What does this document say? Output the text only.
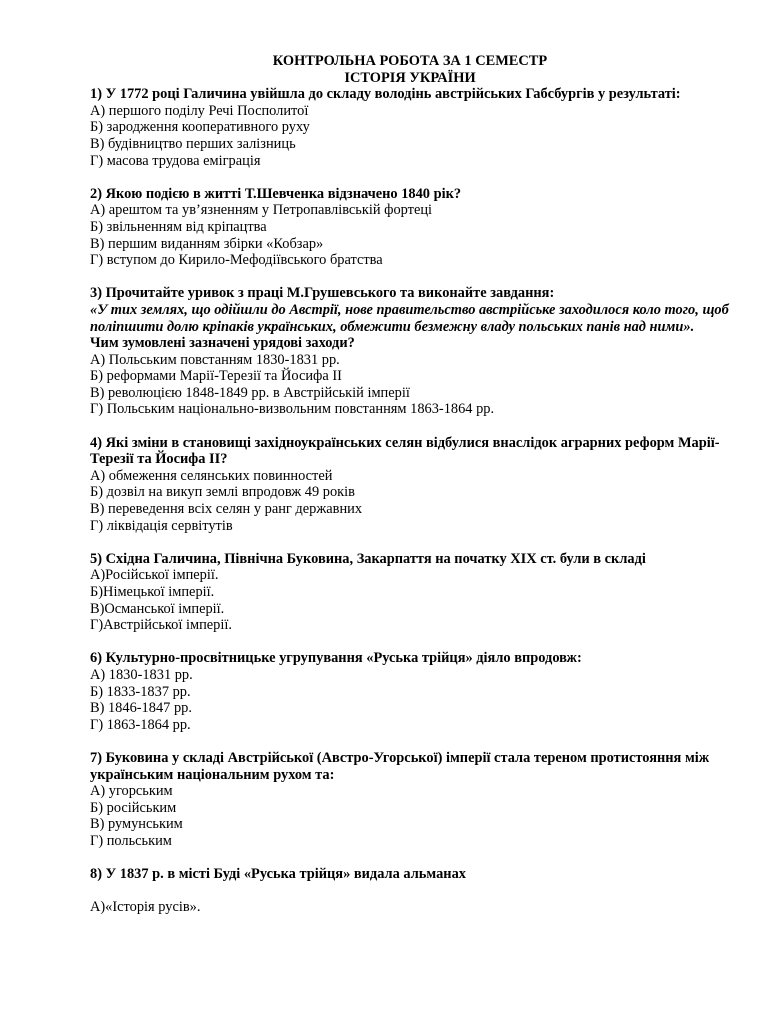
КОНТРОЛЬНА РОБОТА ЗА 1 СЕМЕСТР
ІСТОРІЯ УКРАЇНИ
1) У 1772 році Галичина увійшла до складу володінь австрійських Габсбургів у результаті:
А) першого поділу Речі Посполитої
Б) зародження кооперативного руху
В) будівництво перших залізниць
Г) масова трудова еміграція
2) Якою подією в житті Т.Шевченка відзначено 1840 рік?
А) арештом та ув’язненням у Петропавлівській фортеці
Б) звільненням від кріпацтва
В) першим виданням збірки «Кобзар»
Г) вступом до Кирило-Мефодіївського братства
3) Прочитайте уривок з праці М.Грушевського та виконайте завдання:
«У тих землях, що одійшли до Австрії, нове правительство австрійське заходилося коло того, щоб поліпшити долю кріпаків українських, обмежити безмежну владу польських панів над ними».
Чим зумовлені зазначені урядові заходи?
А) Польським повстанням 1830-1831 рр.
Б) реформами Марії-Терезії та Йосифа ІІ
В) революцією 1848-1849 рр. в Австрійській імперії
Г) Польським національно-визвольним повстанням 1863-1864 рр.
4) Які зміни в становищі західноукраїнських селян відбулися внаслідок аграрних реформ Марії-Терезії та Йосифа ІІ?
А) обмеження селянських повинностей
Б) дозвіл на викуп землі впродовж 49 років
В) переведення всіх селян у ранг державних
Г) ліквідація сервітутів
5) Східна Галичина, Північна Буковина, Закарпаття на початку XIX ст. були в складі
А)Російської імперії.
Б)Німецької імперії.
В)Османської імперії.
Г)Австрійської імперії.
6) Культурно-просвітницьке угрупування «Руська трійця» діяло впродовж:
А) 1830-1831 рр.
Б) 1833-1837 рр.
В) 1846-1847 рр.
Г) 1863-1864 рр.
7) Буковина у складі Австрійської (Австро-Угорської) імперії стала тереном протистояння між українським національним рухом та:
А) угорським
Б) російським
В) румунським
Г) польським
8) У 1837 р. в місті Буді «Руська трійця» видала альманах
А)«Історія русів».
